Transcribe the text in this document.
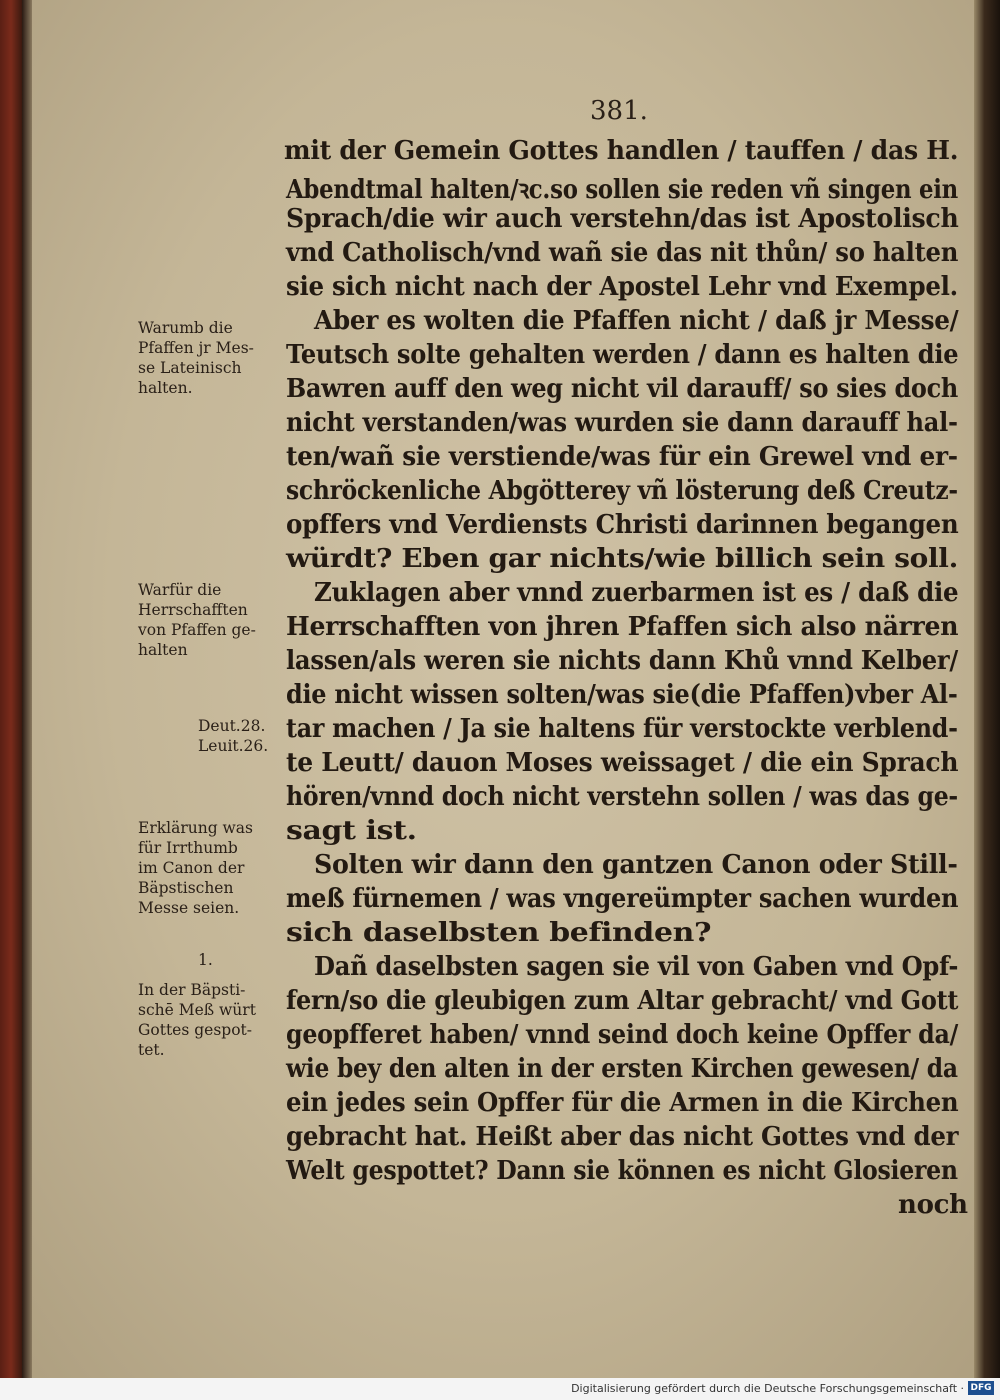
381.
mit der Gemein Gottes handlen / tauffen / das H.
Abendtmal halten/ꝛc.so sollen sie reden vñ singen ein
Sprach/die wir auch verstehn/das ist Apostolisch
vnd Catholisch/vnd wañ sie das nit thůn/ so halten
sie sich nicht nach der Apostel Lehr vnd Exempel.
Aber es wolten die Pfaffen nicht / daß jr Messe/
Teutsch solte gehalten werden / dann es halten die
Bawren auff den weg nicht vil darauff/ so sies doch
nicht verstanden/was wurden sie dann darauff hal-
ten/wañ sie verstiende/was für ein Grewel vnd er-
schröckenliche Abgötterey vñ lösterung deß Creutz-
opffers vnd Verdiensts Christi darinnen begangen
würdt? Eben gar nichts/wie billich sein soll.
Zuklagen aber vnnd zuerbarmen ist es / daß die
Herrschafften von jhren Pfaffen sich also närren
lassen/als weren sie nichts dann Khů vnnd Kelber/
die nicht wissen solten/was sie(die Pfaffen)vber Al-
tar machen / Ja sie haltens für verstockte verblend-
te Leutt/ dauon Moses weissaget / die ein Sprach
hören/vnnd doch nicht verstehn sollen / was das ge-
sagt ist.
Solten wir dann den gantzen Canon oder Still-
meß fürnemen / was vngereümpter sachen wurden
sich daselbsten befinden?
Dañ daselbsten sagen sie vil von Gaben vnd Opf-
fern/so die gleubigen zum Altar gebracht/ vnd Gott
geopfferet haben/ vnnd seind doch keine Opffer da/
wie bey den alten in der ersten Kirchen gewesen/ da
ein jedes sein Opffer für die Armen in die Kirchen
gebracht hat. Heißt aber das nicht Gottes vnd der
Welt gespottet? Dann sie können es nicht Glosieren
noch
Warumb die
Pfaffen jr Mes-
se Lateinisch
halten.
Warfür die
Herrschafften
von Pfaffen ge-
halten
Deut.28.
Leuit.26.
Erklärung was
für Irrthumb
im Canon der
Bäpstischen
Messe seien.
1.
In der Bäpsti-
schē Meß würt
Gottes gespot-
tet.
Digitalisierung gefördert durch die Deutsche Forschungsgemeinschaft · DFG
